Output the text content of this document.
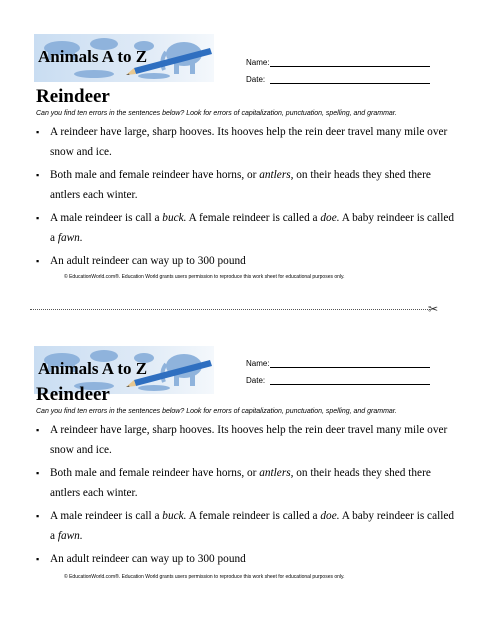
Animals A to Z	Name:
Date:
Reindeer
Can you find ten errors in the sentences below? Look for errors of capitalization, punctuation, spelling, and grammar.
▪ A reindeer have large, sharp hooves. Its hooves help the rein deer travel many mile over snow and ice.
▪ Both male and female reindeer have horns, or antlers, on their heads they shed there antlers each winter.
▪ A male reindeer is call a buck. A female reindeer is called a doe. A baby reindeer is called a fawn.
▪ An adult reindeer can way up to 300 pound
© EducationWorld.com®. Education World grants users permission to reproduce this work sheet for educational purposes only.
✂
Animals A to Z	Name:
Date:
Reindeer
Can you find ten errors in the sentences below? Look for errors of capitalization, punctuation, spelling, and grammar.
▪ A reindeer have large, sharp hooves. Its hooves help the rein deer travel many mile over snow and ice.
▪ Both male and female reindeer have horns, or antlers, on their heads they shed there antlers each winter.
▪ A male reindeer is call a buck. A female reindeer is called a doe. A baby reindeer is called a fawn.
▪ An adult reindeer can way up to 300 pound
© EducationWorld.com®. Education World grants users permission to reproduce this work sheet for educational purposes only.
